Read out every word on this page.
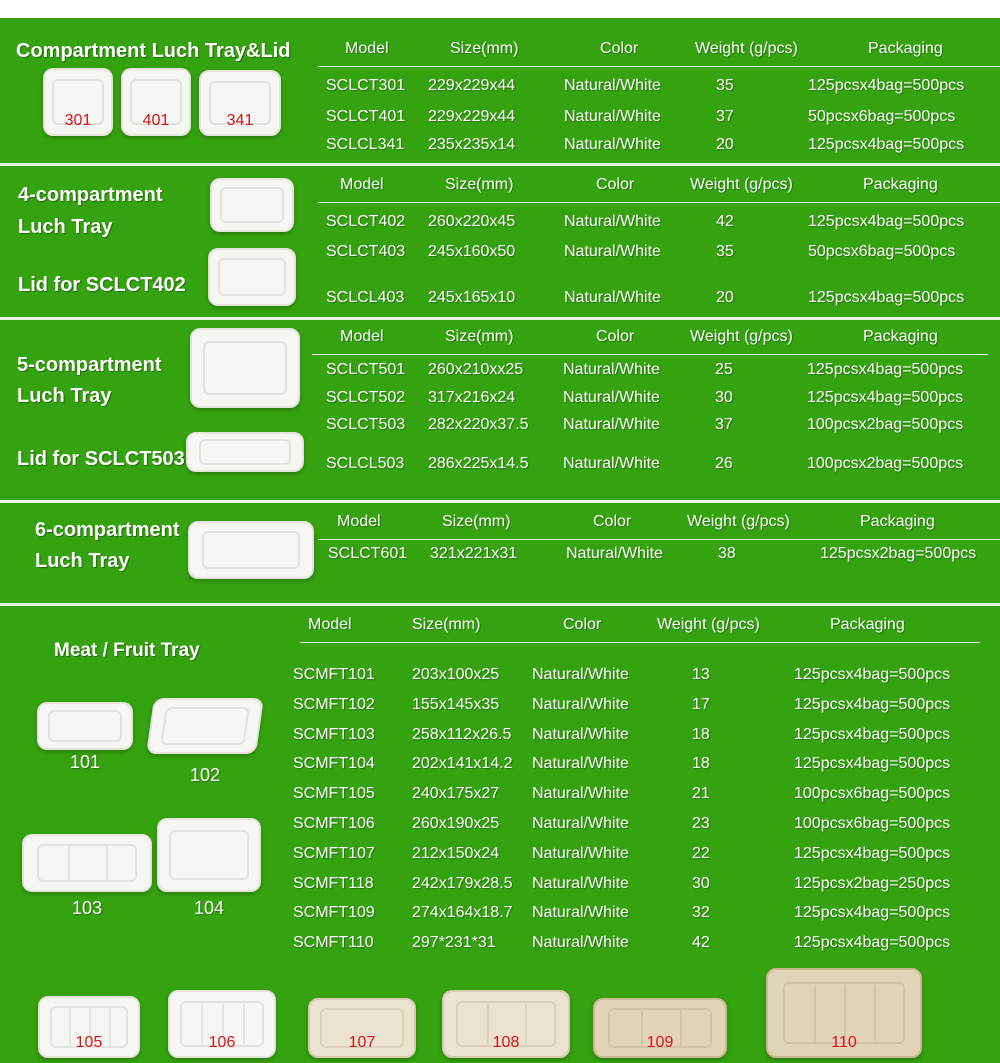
Compartment Luch Tray&Lid
301	401	341
Model	Size(mm)	Color	Weight (g/pcs)	Packaging
SCLCT301 229x229x44	Natural/White	35	125pcsx4bag=500pcs
SCLCT401 229x229x44	Natural/White	37	50pcsx6bag=500pcs
SCLCL341 235x235x14	Natural/White	20	125pcsx4bag=500pcs
4-compartment
Luch Tray
Lid for SCLCT402
Model	Size(mm)	Color	Weight (g/pcs)	Packaging
SCLCT402 260x220x45	Natural/White	42	125pcsx4bag=500pcs
SCLCT403 245x160x50	Natural/White	35	50pcsx6bag=500pcs
SCLCL403 245x165x10	Natural/White	20	125pcsx4bag=500pcs
5-compartment
Luch Tray
Lid for SCLCT503
Model	Size(mm)	Color	Weight (g/pcs)	Packaging
SCLCT501 260x210xx25 Natural/White	25	125pcsx4bag=500pcs
SCLCT502 317x216x24	Natural/White	30	125pcsx4bag=500pcs
SCLCT503 282x220x37.5 Natural/White	37	100pcsx2bag=500pcs
SCLCL503 286x225x14.5 Natural/White	26	100pcsx2bag=500pcs
6-compartment
Luch Tray
Model	Size(mm)	Color	Weight (g/pcs)	Packaging
SCLCT601 321x221x31	Natural/White	38	125pcsx2bag=500pcs
Meat / Fruit Tray
101
102
103	104
Model	Size(mm)	Color	Weight (g/pcs)	Packaging
SCMFT101 203x100x25 Natural/White	13	125pcsx4bag=500pcs
SCMFT102 155x145x35 Natural/White	17	125pcsx4bag=500pcs
SCMFT103 258x112x26.5 Natural/White	18	125pcsx4bag=500pcs
SCMFT104 202x141x14.2 Natural/White	18	125pcsx4bag=500pcs
SCMFT105 240x175x27 Natural/White	21	100pcsx6bag=500pcs
SCMFT106 260x190x25 Natural/White	23	100pcsx6bag=500pcs
SCMFT107 212x150x24 Natural/White	22	125pcsx4bag=500pcs
SCMFT118 242x179x28.5 Natural/White	30	125pcsx2bag=250pcs
SCMFT109 274x164x18.7 Natural/White	32	125pcsx4bag=500pcs
SCMFT110 297*231*31 Natural/White	42	125pcsx4bag=500pcs
105	106	107	108	109	110
